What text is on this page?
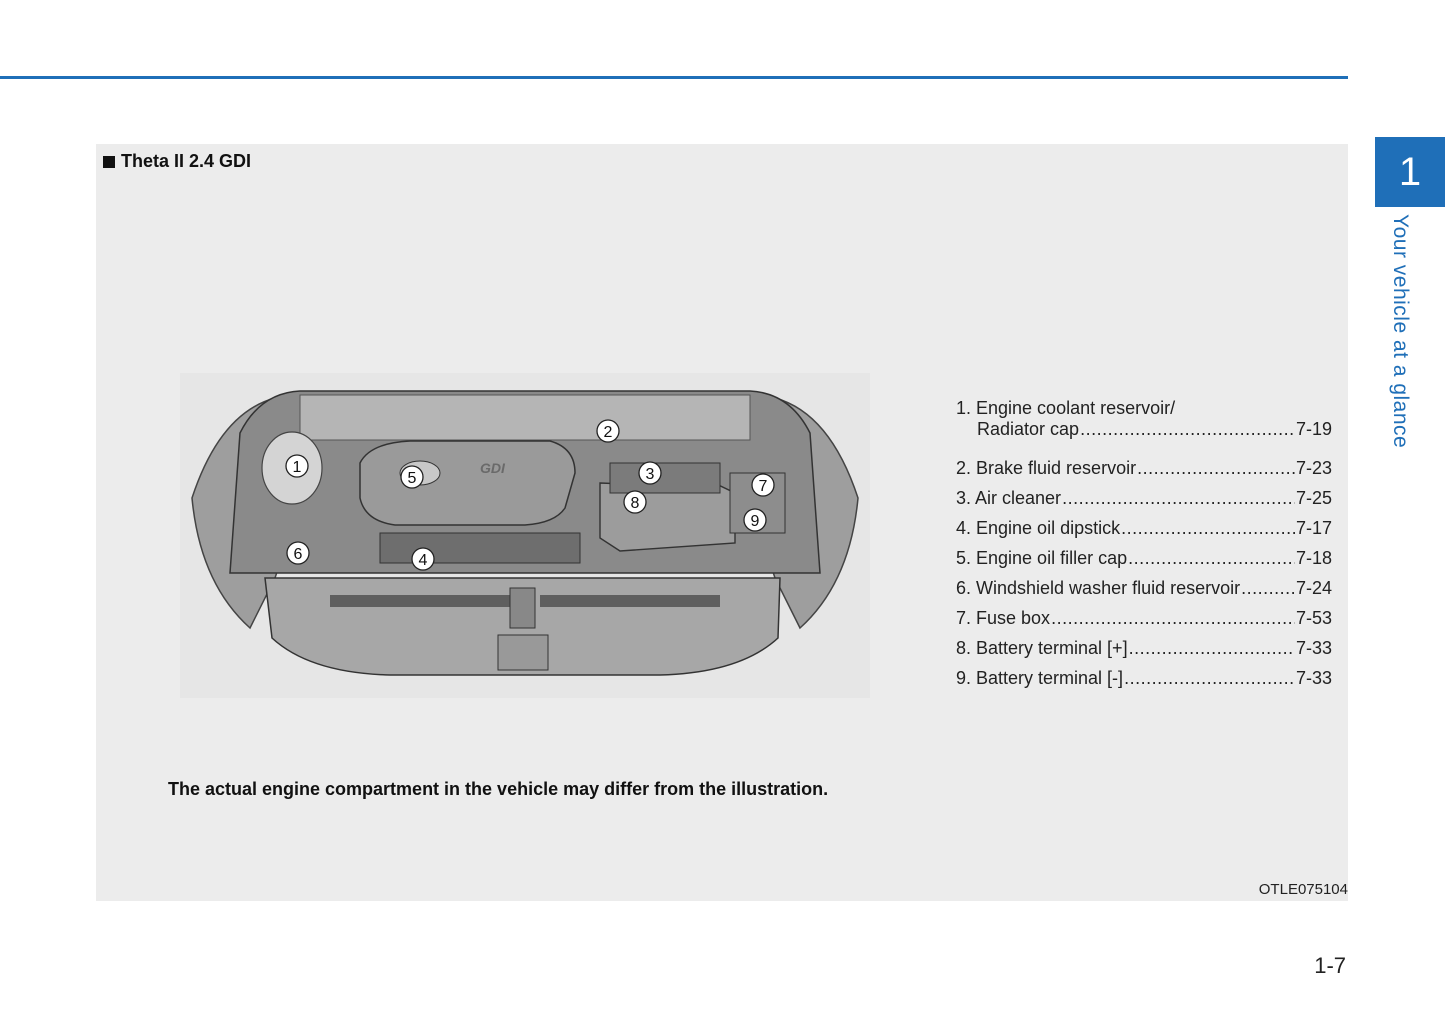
1
Your vehicle at a glance
Theta II 2.4 GDI
GDI
1
2
3
4
5
6
7
8
9
1. Engine coolant reservoir/
Radiator cap .....	7-19
2. Brake fluid reservoir .....	7-23
3. Air cleaner .....	7-25
4. Engine oil dipstick .....	7-17
5. Engine oil filler cap .....	7-18
6. Windshield washer fluid reservoir .....	7-24
7. Fuse box .....	7-53
8. Battery terminal [+] .....	7-33
9. Battery terminal [-] .....	7-33
The actual engine compartment in the vehicle may differ from the illustration.
OTLE075104
1-7
